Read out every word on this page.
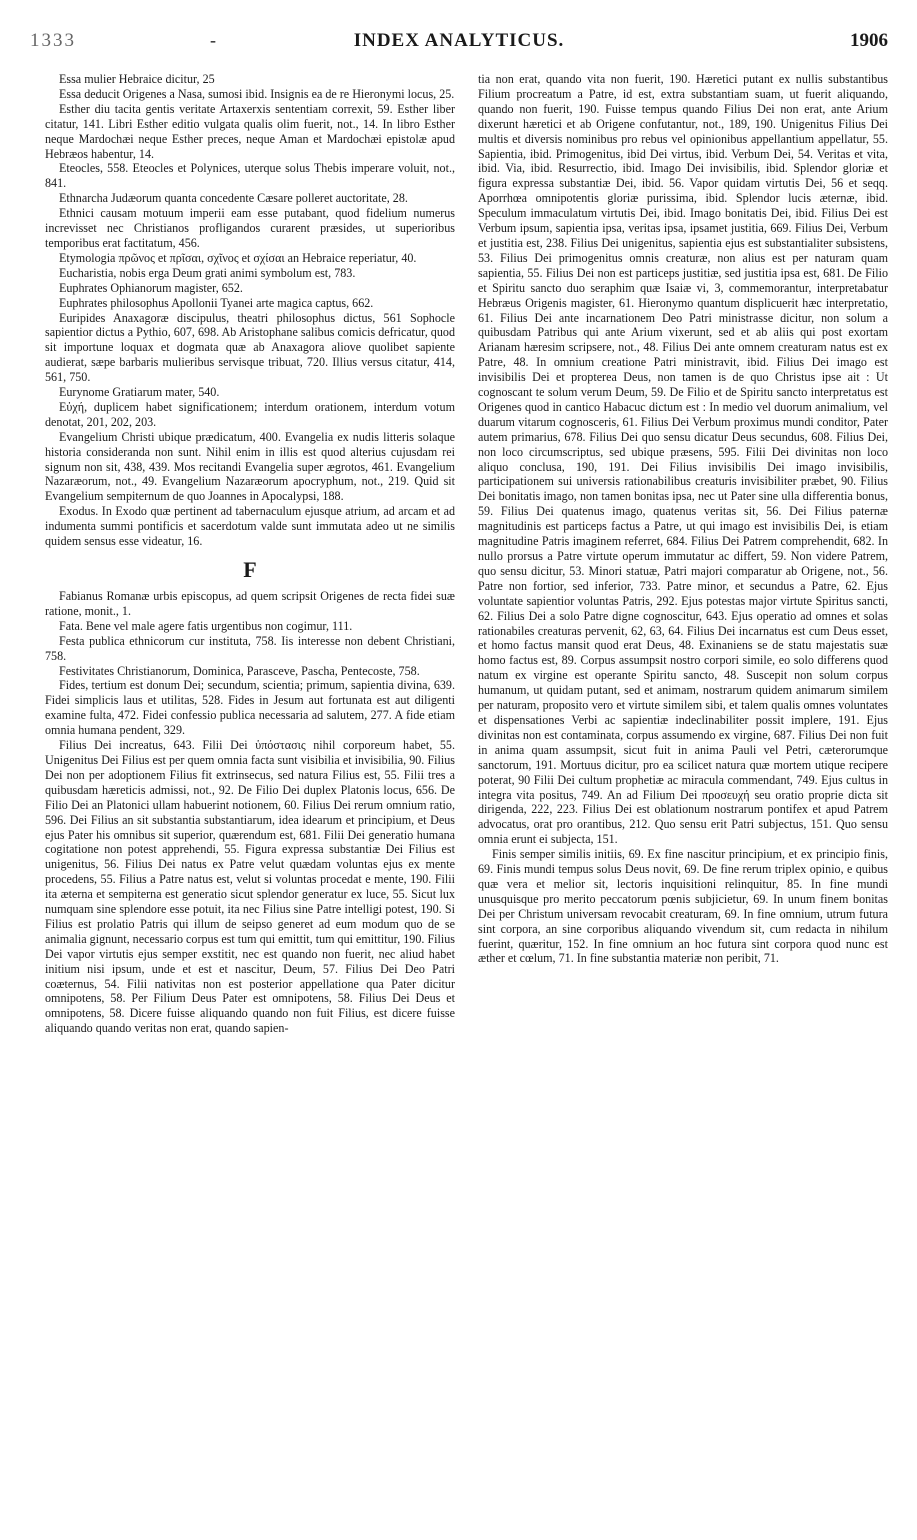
1333	-	INDEX ANALYTICUS.	1906

Essa mulier Hebraice dicitur, 25

Essa deducit Origenes a Nasa, sumosi ibid. Insignis ea de re Hieronymi locus, 25.

Esther diu tacita gentis veritate Artaxerxis sententiam correxit, 59. Esther liber citatur, 141. Libri Esther editio vulgata qualis olim fuerit, not., 14. In libro Esther neque Mardochæi neque Esther preces, neque Aman et Mardochæi epistolæ apud Hebræos habentur, 14.

Eteocles, 558. Eteocles et Polynices, uterque solus Thebis imperare voluit, not., 841.

Ethnarcha Judæorum quanta concedente Cæsare polleret auctoritate, 28.

Ethnici causam motuum imperii eam esse putabant, quod fidelium numerus increvisset nec Christianos profligandos curarent præsides, ut superioribus temporibus erat factitatum, 456.

Etymologia πρῶνος et πρῖσαι, σχῖνος et σχίσαι an Hebraice reperiatur, 40.

Eucharistia, nobis erga Deum grati animi symbolum est, 783.

Euphrates Ophianorum magister, 652.

Euphrates philosophus Apollonii Tyanei arte magica captus, 662.

Euripides Anaxagoræ discipulus, theatri philosophus dictus, 561 Sophocle sapientior dictus a Pythio, 607, 698. Ab Aristophane salibus comicis defricatur, quod sit importune loquax et dogmata quæ ab Anaxagora aliove quolibet sapiente audierat, sæpe barbaris mulieribus servisque tribuat, 720. Illius versus citatur, 414, 561, 750.

Eurynome Gratiarum mater, 540.

Εὐχή, duplicem habet significationem; interdum orationem, interdum votum denotat, 201, 202, 203.

Evangelium Christi ubique prædicatum, 400. Evangelia ex nudis litteris solaque historia consideranda non sunt. Nihil enim in illis est quod alterius cujusdam rei signum non sit, 438, 439. Mos recitandi Evangelia super ægrotos, 461. Evangelium Nazaræorum, not., 49. Evangelium Nazaræorum apocryphum, not., 219. Quid sit Evangelium sempiternum de quo Joannes in Apocalypsi, 188.

Exodus. In Exodo quæ pertinent ad tabernaculum ejusque atrium, ad arcam et ad indumenta summi pontificis et sacerdotum valde sunt immutata adeo ut ne similis quidem sensus esse videatur, 16.

F

Fabianus Romanæ urbis episcopus, ad quem scripsit Origenes de recta fidei suæ ratione, monit., 1.

Fata. Bene vel male agere fatis urgentibus non cogimur, 111.

Festa publica ethnicorum cur instituta, 758. Iis interesse non debent Christiani, 758.

Festivitates Christianorum, Dominica, Parasceve, Pascha, Pentecoste, 758.

Fides, tertium est donum Dei; secundum, scientia; primum, sapientia divina, 639. Fidei simplicis laus et utilitas, 528. Fides in Jesum aut fortunata est aut diligenti examine fulta, 472. Fidei confessio publica necessaria ad salutem, 277. A fide etiam omnia humana pendent, 329.

Filius Dei increatus, 643. Filii Dei ὑπόστασις nihil corporeum habet, 55. Unigenitus Dei Filius est per quem omnia facta sunt visibilia et invisibilia, 90. Filius Dei non per adoptionem Filius fit extrinsecus, sed natura Filius est, 55. Filii tres a quibusdam hæreticis admissi, not., 92. De Filio Dei duplex Platonis locus, 656. De Filio Dei an Platonici ullam habuerint notionem, 60. Filius Dei rerum omnium ratio, 596. Dei Filius an sit substantia substantiarum, idea idearum et principium, et Deus ejus Pater his omnibus sit superior, quærendum est, 681. Filii Dei generatio humana cogitatione non potest apprehendi, 55. Figura expressa substantiæ Dei Filius est unigenitus, 56. Filius Dei natus ex Patre velut quædam voluntas ejus ex mente procedens, 55. Filius a Patre natus est, velut si voluntas procedat e mente, 190. Filii ita æterna et sempiterna est generatio sicut splendor generatur ex luce, 55. Sicut lux numquam sine splendore esse potuit, ita nec Filius sine Patre intelligi potest, 190. Si Filius est prolatio Patris qui illum de seipso generet ad eum modum quo de se animalia gignunt, necessario corpus est tum qui emittit, tum qui emittitur, 190. Filius Dei vapor virtutis ejus semper exstitit, nec est quando non fuerit, nec aliud habet initium nisi ipsum, unde et est et nascitur, Deum, 57. Filius Dei Deo Patri coæternus, 54. Filii nativitas non est posterior appellatione qua Pater dicitur omnipotens, 58. Per Filium Deus Pater est omnipotens, 58. Filius Dei Deus et omnipotens, 58. Dicere fuisse aliquando quando non fuit Filius, est dicere fuisse aliquando quando veritas non erat, quando sapien-

tia non erat, quando vita non fuerit, 190. Hæretici putant ex nullis substantibus Filium procreatum a Patre, id est, extra substantiam suam, ut fuerit aliquando, quando non fuerit, 190. Fuisse tempus quando Filius Dei non erat, ante Arium dixerunt hæretici et ab Origene confutantur, not., 189, 190. Unigenitus Filius Dei multis et diversis nominibus pro rebus vel opinionibus appellantium appellatur, 55. Sapientia, ibid. Primogenitus, ibid Dei virtus, ibid. Verbum Dei, 54. Veritas et vita, ibid. Via, ibid. Resurrectio, ibid. Imago Dei invisibilis, ibid. Splendor gloriæ et figura expressa substantiæ Dei, ibid. 56. Vapor quidam virtutis Dei, 56 et seqq. Aporrhœa omnipotentis gloriæ purissima, ibid. Splendor lucis æternæ, ibid. Speculum immaculatum virtutis Dei, ibid. Imago bonitatis Dei, ibid. Filius Dei est Verbum ipsum, sapientia ipsa, veritas ipsa, ipsamet justitia, 669. Filius Dei, Verbum et justitia est, 238. Filius Dei unigenitus, sapientia ejus est substantialiter subsistens, 53. Filius Dei primogenitus omnis creaturæ, non alius est per naturam quam sapientia, 55. Filius Dei non est particeps justitiæ, sed justitia ipsa est, 681. De Filio et Spiritu sancto duo seraphim quæ Isaiæ vi, 3, commemorantur, interpretabatur Hebræus Origenis magister, 61. Hieronymo quantum displicuerit hæc interpretatio, 61. Filius Dei ante incarnationem Deo Patri ministrasse dicitur, non solum a quibusdam Patribus qui ante Arium vixerunt, sed et ab aliis qui post exortam Arianam hæresim scripsere, not., 48. Filius Dei ante omnem creaturam natus est ex Patre, 48. In omnium creatione Patri ministravit, ibid. Filius Dei imago est invisibilis Dei et propterea Deus, non tamen is de quo Christus ipse ait : Ut cognoscant te solum verum Deum, 59. De Filio et de Spiritu sancto interpretatus est Origenes quod in cantico Habacuc dictum est : In medio vel duorum animalium, vel duarum vitarum cognosceris, 61. Filius Dei Verbum proximus mundi conditor, Pater autem primarius, 678. Filius Dei quo sensu dicatur Deus secundus, 608. Filius Dei, non loco circumscriptus, sed ubique præsens, 595. Filii Dei divinitas non loco aliquo conclusa, 190, 191. Dei Filius invisibilis Dei imago invisibilis, participationem sui universis rationabilibus creaturis invisibiliter præbet, 90. Filius Dei bonitatis imago, non tamen bonitas ipsa, nec ut Pater sine ulla differentia bonus, 59. Filius Dei quatenus imago, quatenus veritas sit, 56. Dei Filius paternæ magnitudinis est particeps factus a Patre, ut qui imago est invisibilis Dei, is etiam magnitudine Patris imaginem referret, 684. Filius Dei Patrem comprehendit, 682. In nullo prorsus a Patre virtute operum immutatur ac differt, 59. Non videre Patrem, quo sensu dicitur, 53. Minori statuæ, Patri majori comparatur ab Origene, not., 56. Patre non fortior, sed inferior, 733. Patre minor, et secundus a Patre, 62. Ejus voluntate sapientior voluntas Patris, 292. Ejus potestas major virtute Spiritus sancti, 62. Filius Dei a solo Patre digne cognoscitur, 643. Ejus operatio ad omnes et solas rationabiles creaturas pervenit, 62, 63, 64. Filius Dei incarnatus est cum Deus esset, et homo factus mansit quod erat Deus, 48. Exinaniens se de statu majestatis suæ homo factus est, 89. Corpus assumpsit nostro corpori simile, eo solo differens quod natum ex virgine est operante Spiritu sancto, 48. Suscepit non solum corpus humanum, ut quidam putant, sed et animam, nostrarum quidem animarum similem per naturam, proposito vero et virtute similem sibi, et talem qualis omnes voluntates et dispensationes Verbi ac sapientiæ indeclinabiliter possit implere, 191. Ejus divinitas non est contaminata, corpus assumendo ex virgine, 687. Filius Dei non fuit in anima quam assumpsit, sicut fuit in anima Pauli vel Petri, cæterorumque sanctorum, 191. Mortuus dicitur, pro ea scilicet natura quæ mortem utique recipere poterat, 90 Filii Dei cultum prophetiæ ac miracula commendant, 749. Ejus cultus in integra vita positus, 749. An ad Filium Dei προσευχή seu oratio proprie dicta sit dirigenda, 222, 223. Filius Dei est oblationum nostrarum pontifex et apud Patrem advocatus, orat pro orantibus, 212. Quo sensu erit Patri subjectus, 151. Quo sensu omnia erunt ei subjecta, 151.

Finis semper similis initiis, 69. Ex fine nascitur principium, et ex principio finis, 69. Finis mundi tempus solus Deus novit, 69. De fine rerum triplex opinio, e quibus quæ vera et melior sit, lectoris inquisitioni relinquitur, 85. In fine mundi unusquisque pro merito peccatorum pœnis subjicietur, 69. In unum finem bonitas Dei per Christum universam revocabit creaturam, 69. In fine omnium, utrum futura sint corpora, an sine corporibus aliquando vivendum sit, cum redacta in nihilum fuerint, quæritur, 152. In fine omnium an hoc futura sint corpora quod nunc est æther et cœlum, 71. In fine substantia materiæ non peribit, 71.
